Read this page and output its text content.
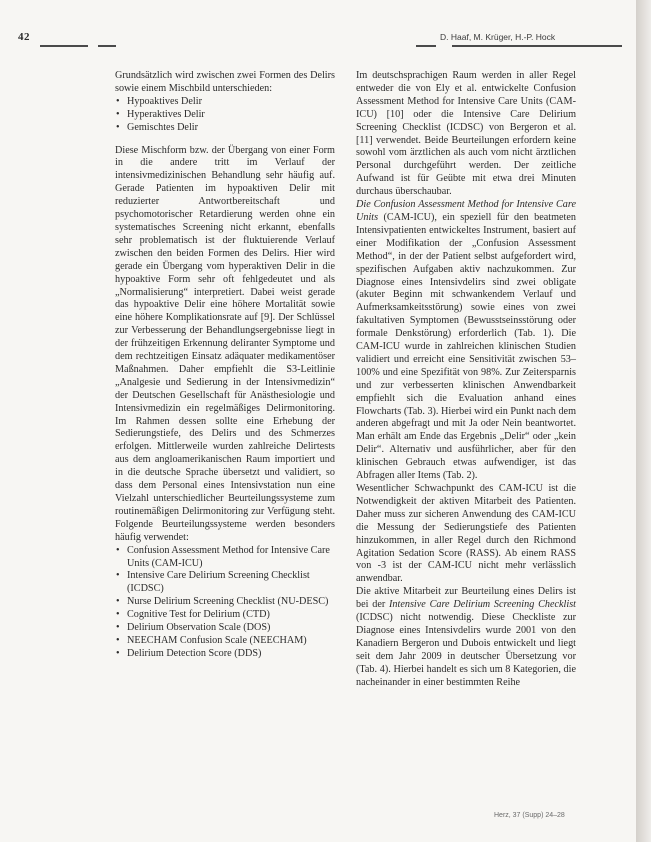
42	D. Haaf, M. Krüger, H.-P. Hock

Grundsätzlich wird zwischen zwei Formen des Delirs sowie einem Mischbild unterschieden:

• Hypoaktives Delir
• Hyperaktives Delir
• Gemischtes Delir

Diese Mischform bzw. der Übergang von einer Form in die andere tritt im Verlauf der intensivmedizinischen Behandlung sehr häufig auf. Gerade Patienten im hypoaktiven Delir mit reduzierter Antwortbereitschaft und psychomotorischer Retardierung werden ohne ein systematisches Screening nicht erkannt, ebenfalls sehr problematisch ist der fluktuierende Verlauf zwischen den beiden Formen des Delirs. Hier wird gerade ein Übergang vom hyperaktiven Delir in die hypoaktive Form sehr oft fehlgedeutet und als „Normalisierung“ interpretiert. Dabei weist gerade das hypoaktive Delir eine höhere Mortalität sowie eine höhere Komplikationsrate auf [9]. Der Schlüssel zur Verbesserung der Behandlungsergebnisse liegt in der frühzeitigen Erkennung deliranter Symptome und dem rechtzeitigen Einsatz adäquater medikamentöser Maßnahmen. Daher empfiehlt die S3-Leitlinie „Analgesie und Sedierung in der Intensivmedizin“ der Deutschen Gesellschaft für Anästhesiologie und Intensivmedizin ein regelmäßiges Delirmonitoring. Im Rahmen dessen sollte eine Erhebung der Sedierungstiefe, des Delirs und des Schmerzes erfolgen. Mittlerweile wurden zahlreiche Delirtests aus dem angloamerikanischen Raum importiert und in die deutsche Sprache übersetzt und validiert, so dass dem Personal eines Intensivstation nun eine Vielzahl unterschiedlicher Beurteilungssysteme zum routinemäßigen Delirmonitoring zur Verfügung steht. Folgende Beurteilungssysteme werden besonders häufig verwendet:

• Confusion Assessment Method for Intensive Care Units (CAM-ICU)
• Intensive Care Delirium Screening Checklist (ICDSC)
• Nurse Delirium Screening Checklist (NU-DESC)
• Cognitive Test for Delirium (CTD)
• Delirium Observation Scale (DOS)
• NEECHAM Confusion Scale (NEECHAM)
• Delirium Detection Score (DDS)

Im deutschsprachigen Raum werden in aller Regel entweder die von Ely et al. entwickelte Confusion Assessment Method for Intensive Care Units (CAM-ICU) [10] oder die Intensive Care Delirium Screening Checklist (ICDSC) von Bergeron et al. [11] verwendet. Beide Beurteilungen erfordern keine sowohl vom ärztlichen als auch vom nicht ärztlichen Personal durchgeführt werden. Der zeitliche Aufwand ist für Geübte mit etwa drei Minuten durchaus überschaubar.

Die Confusion Assessment Method for Intensive Care Units (CAM-ICU), ein speziell für den beatmeten Intensivpatienten entwickeltes Instrument, basiert auf einer Modifikation der „Confusion Assessment Method“, in der der Patient selbst aufgefordert wird, spezifischen Aufgaben aktiv nachzukommen. Zur Diagnose eines Intensivdelirs sind zwei obligate (akuter Beginn mit schwankendem Verlauf und Aufmerksamkeitsstörung) sowie eines von zwei fakultativen Symptomen (Bewusstseinsstörung oder formale Denkstörung) erforderlich (Tab. 1). Die CAM-ICU wurde in zahlreichen klinischen Studien validiert und erreicht eine Sensitivität zwischen 53–100% und eine Spezifität von 98%. Zur Zeitersparnis und zur verbesserten klinischen Anwendbarkeit empfiehlt sich die Evaluation anhand eines Flowcharts (Tab. 3). Hierbei wird ein Punkt nach dem anderen abgefragt und mit Ja oder Nein beantwortet. Man erhält am Ende das Ergebnis „Delir“ oder „kein Delir“. Alternativ und ausführlicher, aber für den klinischen Gebrauch etwas aufwendiger, ist das Abfragen aller Items (Tab. 2).

Wesentlicher Schwachpunkt des CAM-ICU ist die Notwendigkeit der aktiven Mitarbeit des Patienten. Daher muss zur sicheren Anwendung des CAM-ICU die Messung der Sedierungstiefe des Patienten hinzukommen, in aller Regel durch den Richmond Agitation Sedation Score (RASS). Ab einem RASS von -3 ist der CAM-ICU nicht mehr verlässlich anwendbar.

Die aktive Mitarbeit zur Beurteilung eines Delirs ist bei der Intensive Care Delirium Screening Checklist (ICDSC) nicht notwendig. Diese Checkliste zur Diagnose eines Intensivdelirs wurde 2001 von den Kanadiern Bergeron und Dubois entwickelt und liegt seit dem Jahr 2009 in deutscher Übersetzung vor (Tab. 4). Hierbei handelt es sich um 8 Kategorien, die nacheinander in einer bestimmten Reihe

Herz, 37 (Supp) 24–28
